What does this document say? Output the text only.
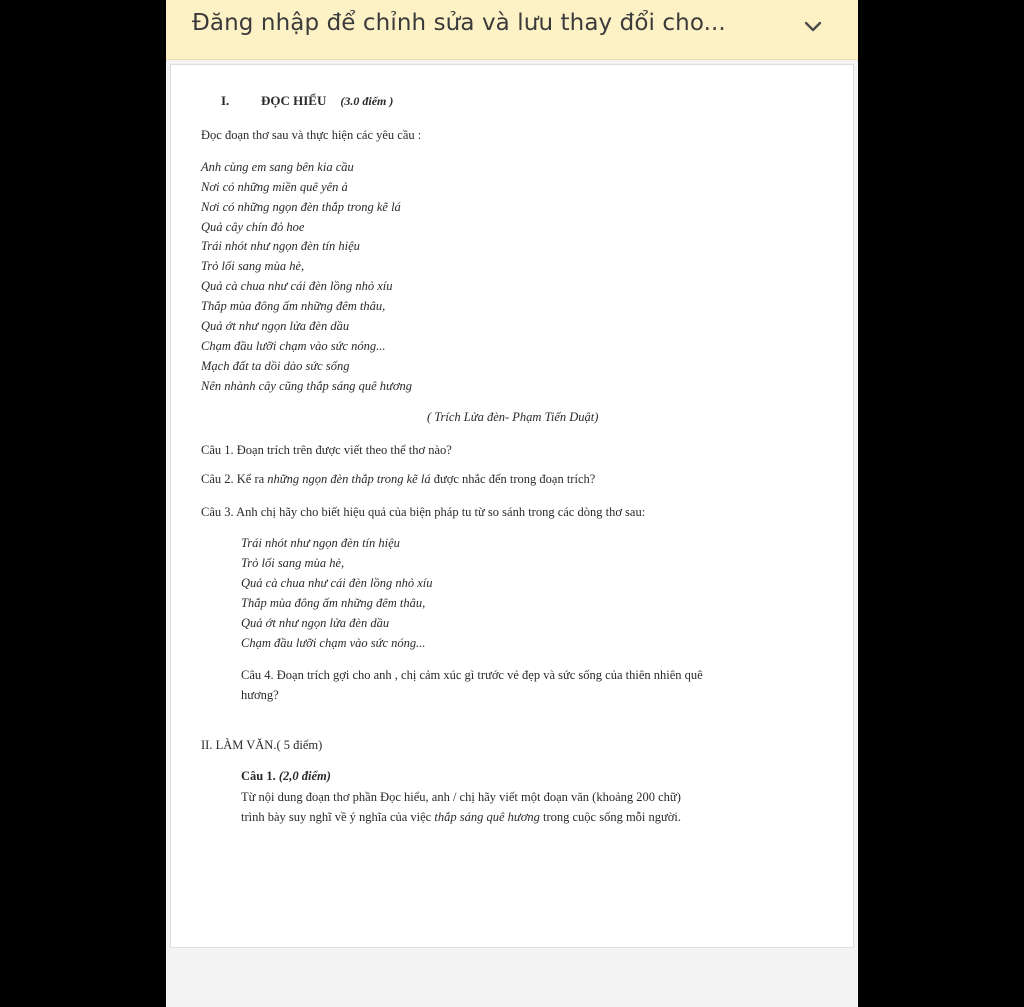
Đăng nhập để chỉnh sửa và lưu thay đổi cho...
I. ĐỌC HIỂU (3.0 điểm )
Đọc đoạn thơ sau và thực hiện các yêu cầu :
Anh cùng em sang bên kia cầu
Nơi có những miền quê yên ả
Nơi có những ngọn đèn thắp trong kẽ lá
Quả cây chín đỏ hoe
Trái nhót như ngọn đèn tín hiệu
Trỏ lối sang mùa hè,
Quả cà chua như cái đèn lồng nhỏ xíu
Thắp mùa đông ấm những đêm thâu,
Quả ớt như ngọn lửa đèn dầu
Chạm đầu lưỡi chạm vào sức nóng...
Mạch đất ta dồi dào sức sống
Nên nhành cây cũng thắp sáng quê hương
( Trích Lửa đèn- Phạm Tiến Duật)
Câu 1. Đoạn trích trên được viết theo thể thơ nào?
Câu 2. Kể ra những ngọn đèn thắp trong kẽ lá được nhắc đến trong đoạn trích?
Câu 3. Anh chị hãy cho biết hiệu quả của biện pháp tu từ so sánh trong các dòng thơ sau:
Trái nhót như ngọn đèn tín hiệu
Trỏ lối sang mùa hè,
Quả cà chua như cái đèn lồng nhỏ xíu
Thắp mùa đông ấm những đêm thâu,
Quả ớt như ngọn lửa đèn dầu
Chạm đầu lưỡi chạm vào sức nóng...
Câu 4. Đoạn trích gợi cho anh , chị cảm xúc gì trước vẻ đẹp và sức sống của thiên nhiên quê
hương?
II. LÀM VĂN.( 5 điểm)
Câu 1. (2,0 điểm)
Từ nội dung đoạn thơ phần Đọc hiểu, anh / chị hãy viết một đoạn văn (khoảng 200 chữ)
trình bày suy nghĩ về ý nghĩa của việc thắp sáng quê hương trong cuộc sống mỗi người.
